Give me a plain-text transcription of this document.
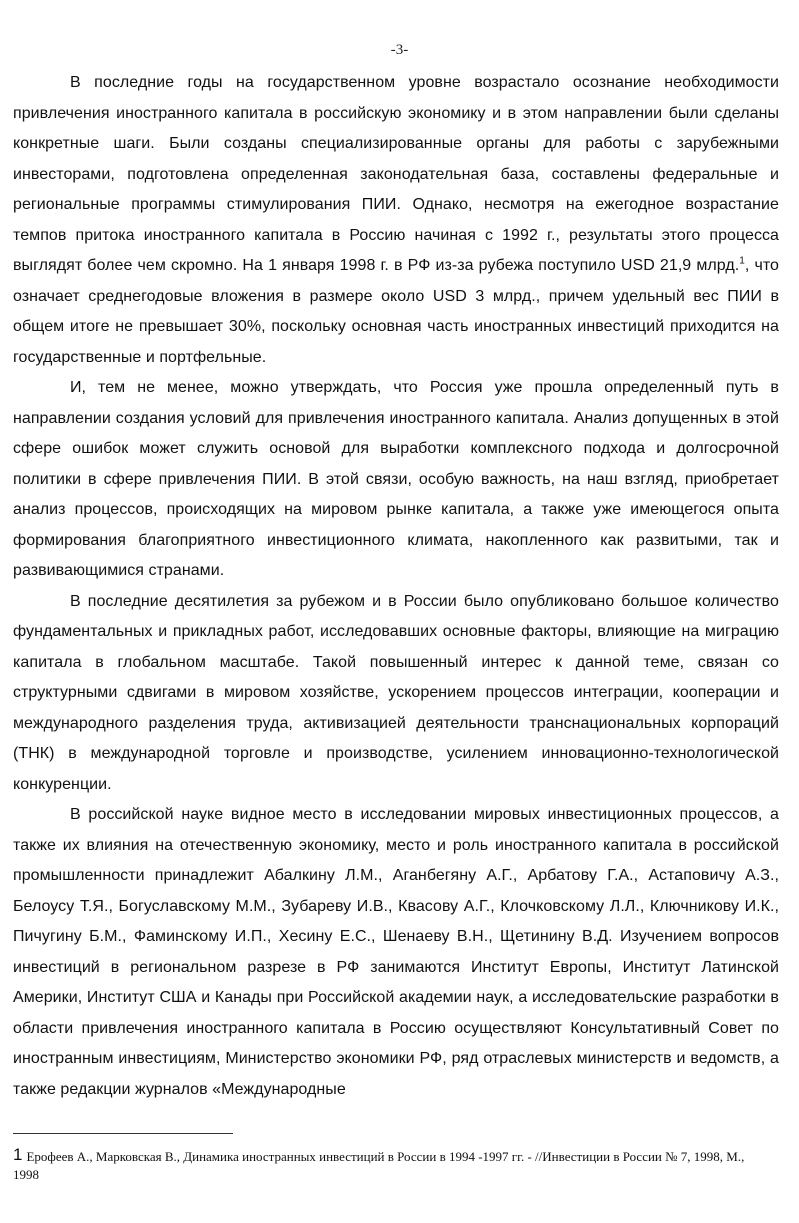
-3-

В последние годы на государственном уровне возрастало осознание необходимости привлечения иностранного капитала в российскую экономику и в этом направлении были сделаны конкретные шаги. Были созданы специализированные органы для работы с зарубежными инвесторами, подготовлена определенная законодательная база, составлены федеральные и региональные программы стимулирования ПИИ. Однако, несмотря на ежегодное возрастание темпов притока иностранного капитала в Россию начиная с 1992 г., результаты этого процесса выглядят более чем скромно. На 1 января 1998 г. в РФ из-за рубежа поступило USD 21,9 млрд.$^1$, что означает среднегодовые вложения в размере около USD 3 млрд., причем удельный вес ПИИ в общем итоге не превышает 30%, поскольку основная часть иностранных инвестиций приходится на государственные и портфельные.

И, тем не менее, можно утверждать, что Россия уже прошла определенный путь в направлении создания условий для привлечения иностранного капитала. Анализ допущенных в этой сфере ошибок может служить основой для выработки комплексного подхода и долгосрочной политики в сфере привлечения ПИИ. В этой связи, особую важность, на наш взгляд, приобретает анализ процессов, происходящих на мировом рынке капитала, а также уже имеющегося опыта формирования благоприятного инвестиционного климата, накопленного как развитыми, так и развивающимися странами.

В последние десятилетия за рубежом и в России было опубликовано большое количество фундаментальных и прикладных работ, исследовавших основные факторы, влияющие на миграцию капитала в глобальном масштабе. Такой повышенный интерес к данной теме, связан со структурными сдвигами в мировом хозяйстве, ускорением процессов интеграции, кооперации и международного разделения труда, активизацией деятельности транснациональных корпораций (ТНК) в международной торговле и производстве, усилением инновационно-технологической конкуренции.

В российской науке видное место в исследовании мировых инвестиционных процессов, а также их влияния на отечественную экономику, место и роль иностранного капитала в российской промышленности принадлежит Абалкину Л.М., Аганбегяну А.Г., Арбатову Г.А., Астаповичу А.З., Белоусу Т.Я., Богуславскому М.М., Зубареву И.В., Квасову А.Г., Клочковскому Л.Л., Ключникову И.К., Пичугину Б.М., Фаминскому И.П., Хесину Е.С., Шенаеву В.Н., Щетинину В.Д. Изучением вопросов инвестиций в региональном разрезе в РФ занимаются Институт Европы, Институт Латинской Америки, Институт США и Канады при Российской академии наук, а исследовательские разработки в области привлечения иностранного капитала в Россию осуществляют Консультативный Совет по иностранным инвестициям, Министерство экономики РФ, ряд отраслевых министерств и ведомств, а также редакции журналов «Международные

1 Ерофеев А., Марковская В., Динамика иностранных инвестиций в России в 1994 -1997 гг. - //Инвестиции в России № 7, 1998, М., 1998
